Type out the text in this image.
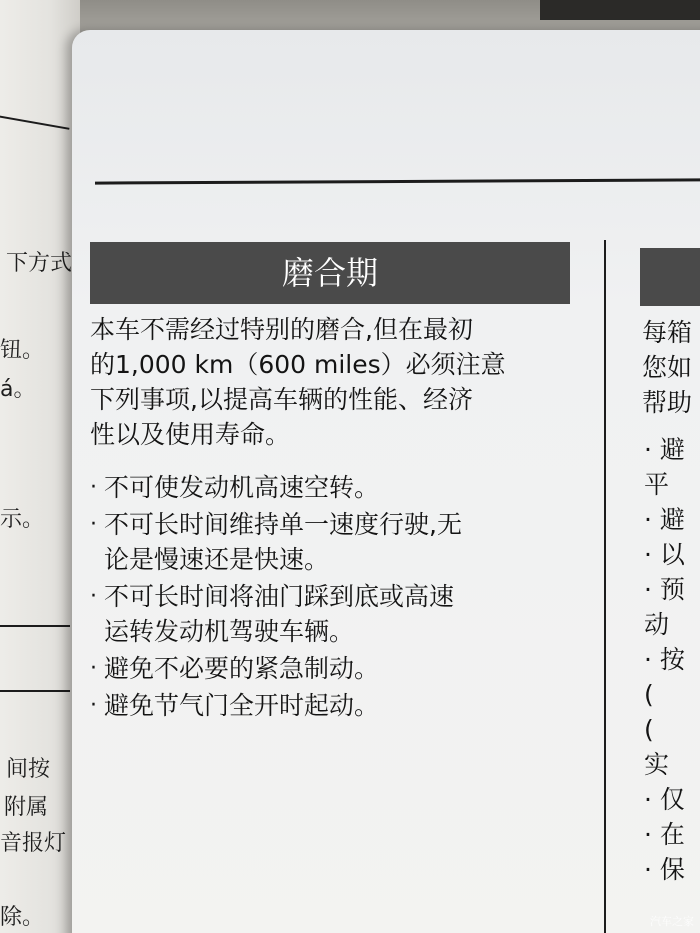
下方式
钮。
á。
示。
间按
附属
音报灯
除。
磨合期
本车不需经过特别的磨合,但在最初
的1,000 km（600 miles）必须注意
下列事项,以提高车辆的性能、经济
性以及使用寿命。
· 不可使发动机高速空转。
· 不可长时间维持单一速度行驶,无
论是慢速还是快速。
· 不可长时间将油门踩到底或高速
运转发动机驾驶车辆。
· 避免不必要的紧急制动。
· 避免节气门全开时起动。
每箱
您如
帮助
· 避
平
· 避
· 以
· 预
动
· 按
(
(
实
· 仅
· 在
· 保
汽车之家
